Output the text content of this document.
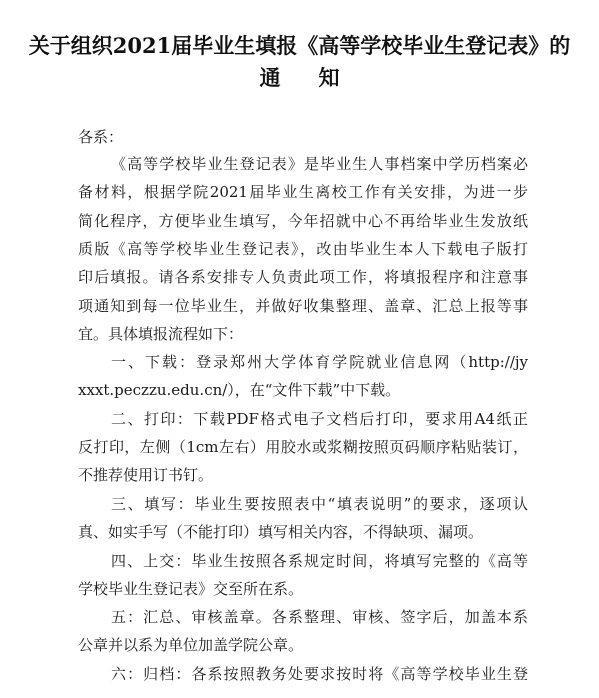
关于组织2021届毕业生填报《高等学校毕业生登记表》的
通知
各系：
《高等学校毕业生登记表》是毕业生人事档案中学历档案必
备材料，根据学院2021届毕业生离校工作有关安排，为进一步
简化程序，方便毕业生填写，今年招就中心不再给毕业生发放纸
质版《高等学校毕业生登记表》，改由毕业生本人下载电子版打
印后填报。请各系安排专人负责此项工作，将填报程序和注意事
项通知到每一位毕业生，并做好收集整理、盖章、汇总上报等事
宜。具体填报流程如下：
一、下载：登录郑州大学体育学院就业信息网（http://jy
xxxt.peczzu.edu.cn/），在“文件下载”中下载。
二、打印：下载PDF格式电子文档后打印，要求用A4纸正
反打印，左侧（1cm左右）用胶水或浆糊按照页码顺序粘贴装订，
不推荐使用订书钉。
三、填写：毕业生要按照表中“填表说明”的要求，逐项认
真、如实手写（不能打印）填写相关内容，不得缺项、漏项。
四、上交：毕业生按照各系规定时间，将填写完整的《高等
学校毕业生登记表》交至所在系。
五：汇总、审核盖章。各系整理、审核、签字后，加盖本系
公章并以系为单位加盖学院公章。
六：归档：各系按照教务处要求按时将《高等学校毕业生登
